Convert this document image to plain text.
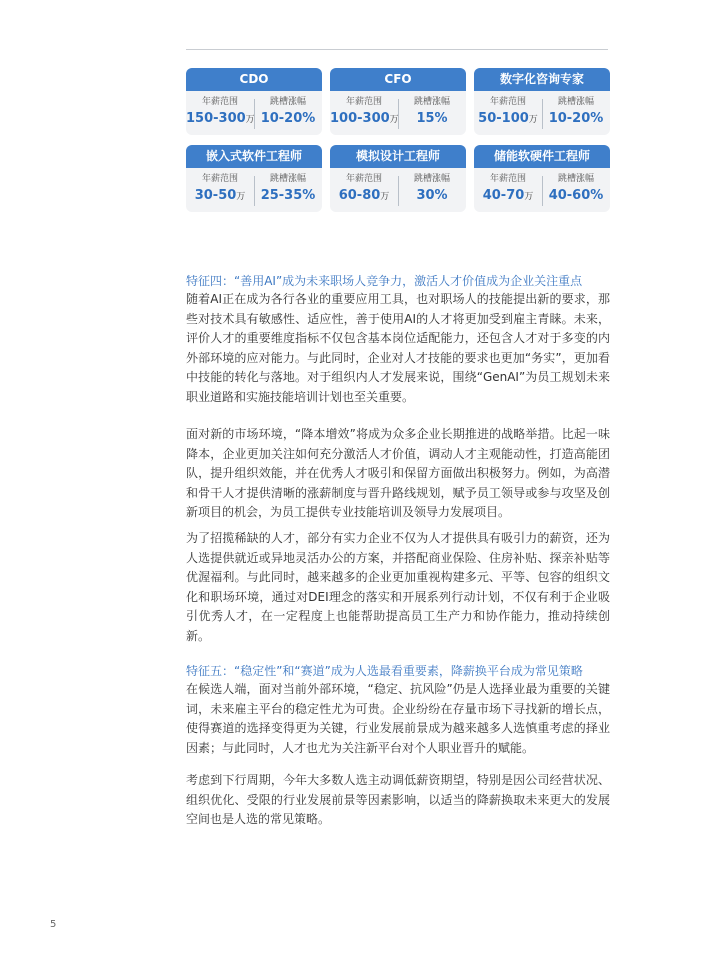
CDO
年薪范围
150-300万
跳槽涨幅
10-20%
CFO
年薪范围
100-300万
跳槽涨幅
15%
数字化咨询专家
年薪范围
50-100万
跳槽涨幅
10-20%
嵌入式软件工程师
年薪范围
30-50万
跳槽涨幅
25-35%
模拟设计工程师
年薪范围
60-80万
跳槽涨幅
30%
储能软硬件工程师
年薪范围
40-70万
跳槽涨幅
40-60%
特征四：“善用AI”成为未来职场人竞争力，激活人才价值成为企业关注重点

随着AI正在成为各行各业的重要应用工具，也对职场人的技能提出新的要求，那些对技术具有敏感性、适应性，善于使用AI的人才将更加受到雇主青睐。未来，评价人才的重要维度指标不仅包含基本岗位适配能力，还包含人才对于多变的内外部环境的应对能力。与此同时，企业对人才技能的要求也更加“务实”，更加看中技能的转化与落地。对于组织内人才发展来说，围绕“GenAI”为员工规划未来职业道路和实施技能培训计划也至关重要。

面对新的市场环境，“降本增效”将成为众多企业长期推进的战略举措。比起一味降本，企业更加关注如何充分激活人才价值，调动人才主观能动性，打造高能团队，提升组织效能，并在优秀人才吸引和保留方面做出积极努力。例如，为高潜和骨干人才提供清晰的涨薪制度与晋升路线规划，赋予员工领导或参与攻坚及创新项目的机会，为员工提供专业技能培训及领导力发展项目。

为了招揽稀缺的人才，部分有实力企业不仅为人才提供具有吸引力的薪资，还为人选提供就近或异地灵活办公的方案，并搭配商业保险、住房补贴、探亲补贴等优渥福利。与此同时，越来越多的企业更加重视构建多元、平等、包容的组织文化和职场环境，通过对DEI理念的落实和开展系列行动计划，不仅有利于企业吸引优秀人才，在一定程度上也能帮助提高员工生产力和协作能力，推动持续创新。

特征五：“稳定性”和“赛道”成为人选最看重要素，降薪换平台成为常见策略

在候选人端，面对当前外部环境，“稳定、抗风险”仍是人选择业最为重要的关键词，未来雇主平台的稳定性尤为可贵。企业纷纷在存量市场下寻找新的增长点，使得赛道的选择变得更为关键，行业发展前景成为越来越多人选慎重考虑的择业因素；与此同时，人才也尤为关注新平台对个人职业晋升的赋能。

考虑到下行周期，今年大多数人选主动调低薪资期望，特别是因公司经营状况、组织优化、受限的行业发展前景等因素影响，以适当的降薪换取未来更大的发展空间也是人选的常见策略。

5
